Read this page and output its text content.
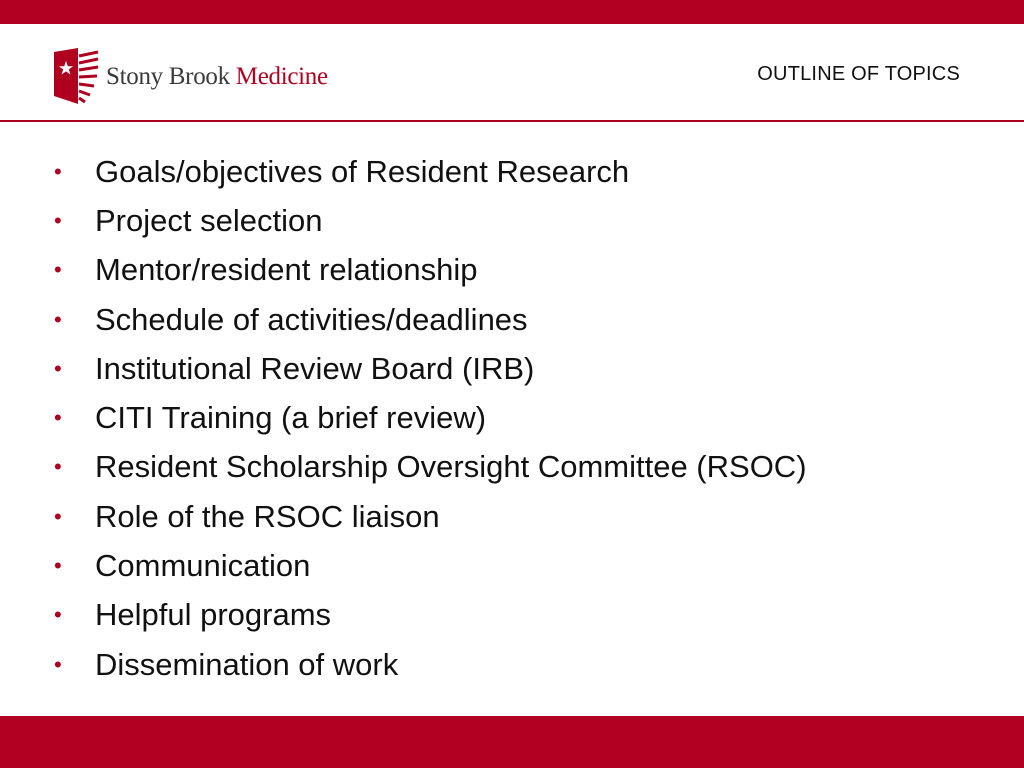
Stony Brook Medicine	OUTLINE OF TOPICS
•	Goals/objectives of Resident Research
•	Project selection
•	Mentor/resident relationship
•	Schedule of activities/deadlines
•	Institutional Review Board (IRB)
•	CITI Training (a brief review)
•	Resident Scholarship Oversight Committee (RSOC)
•	Role of the RSOC liaison
•	Communication
•	Helpful programs
•	Dissemination of work
